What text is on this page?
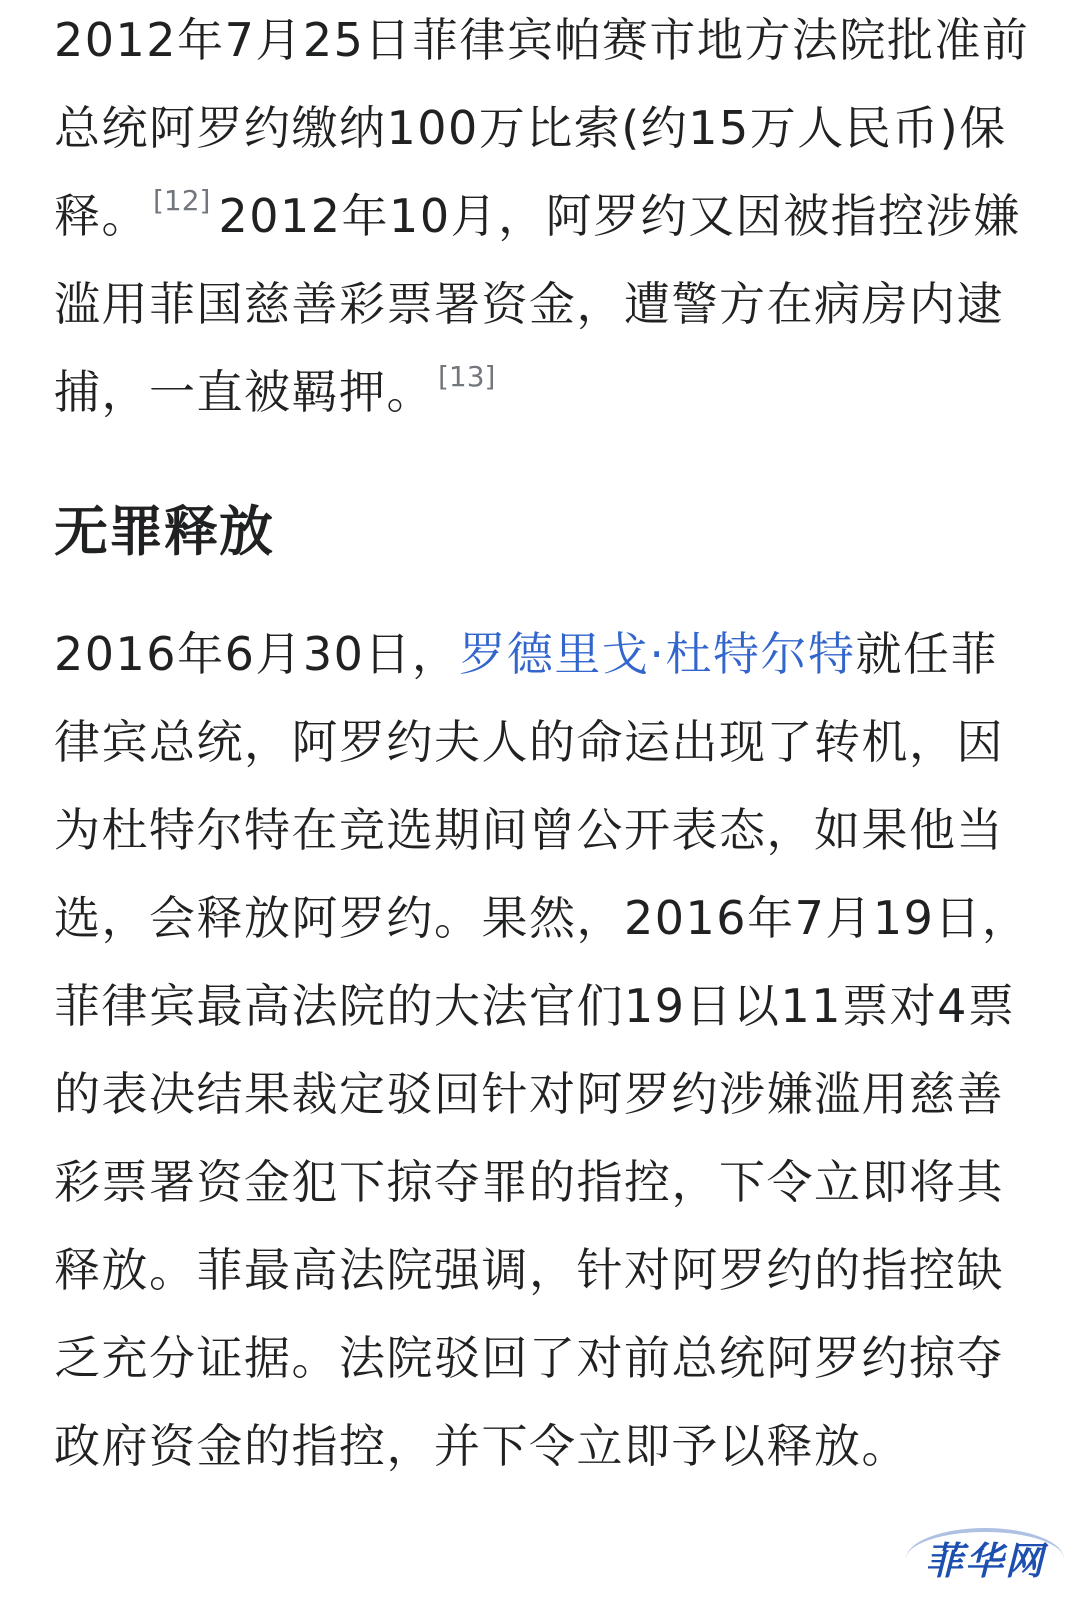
2012年7月25日菲律宾帕赛市地方法院批准前总统阿罗约缴纳100万比索(约15万人民币)保释。 [12] 2012年10月，阿罗约又因被指控涉嫌滥用菲国慈善彩票署资金，遭警方在病房内逮捕，一直被羁押。 [13]

无罪释放

2016年6月30日，罗德里戈·杜特尔特就任菲律宾总统，阿罗约夫人的命运出现了转机，因为杜特尔特在竞选期间曾公开表态，如果他当选，会释放阿罗约。果然，2016年7月19日，菲律宾最高法院的大法官们19日以11票对4票的表决结果裁定驳回针对阿罗约涉嫌滥用慈善彩票署资金犯下掠夺罪的指控，下令立即将其释放。菲最高法院强调，针对阿罗约的指控缺乏充分证据。法院驳回了对前总统阿罗约掠夺政府资金的指控，并下令立即予以释放。

菲华网
